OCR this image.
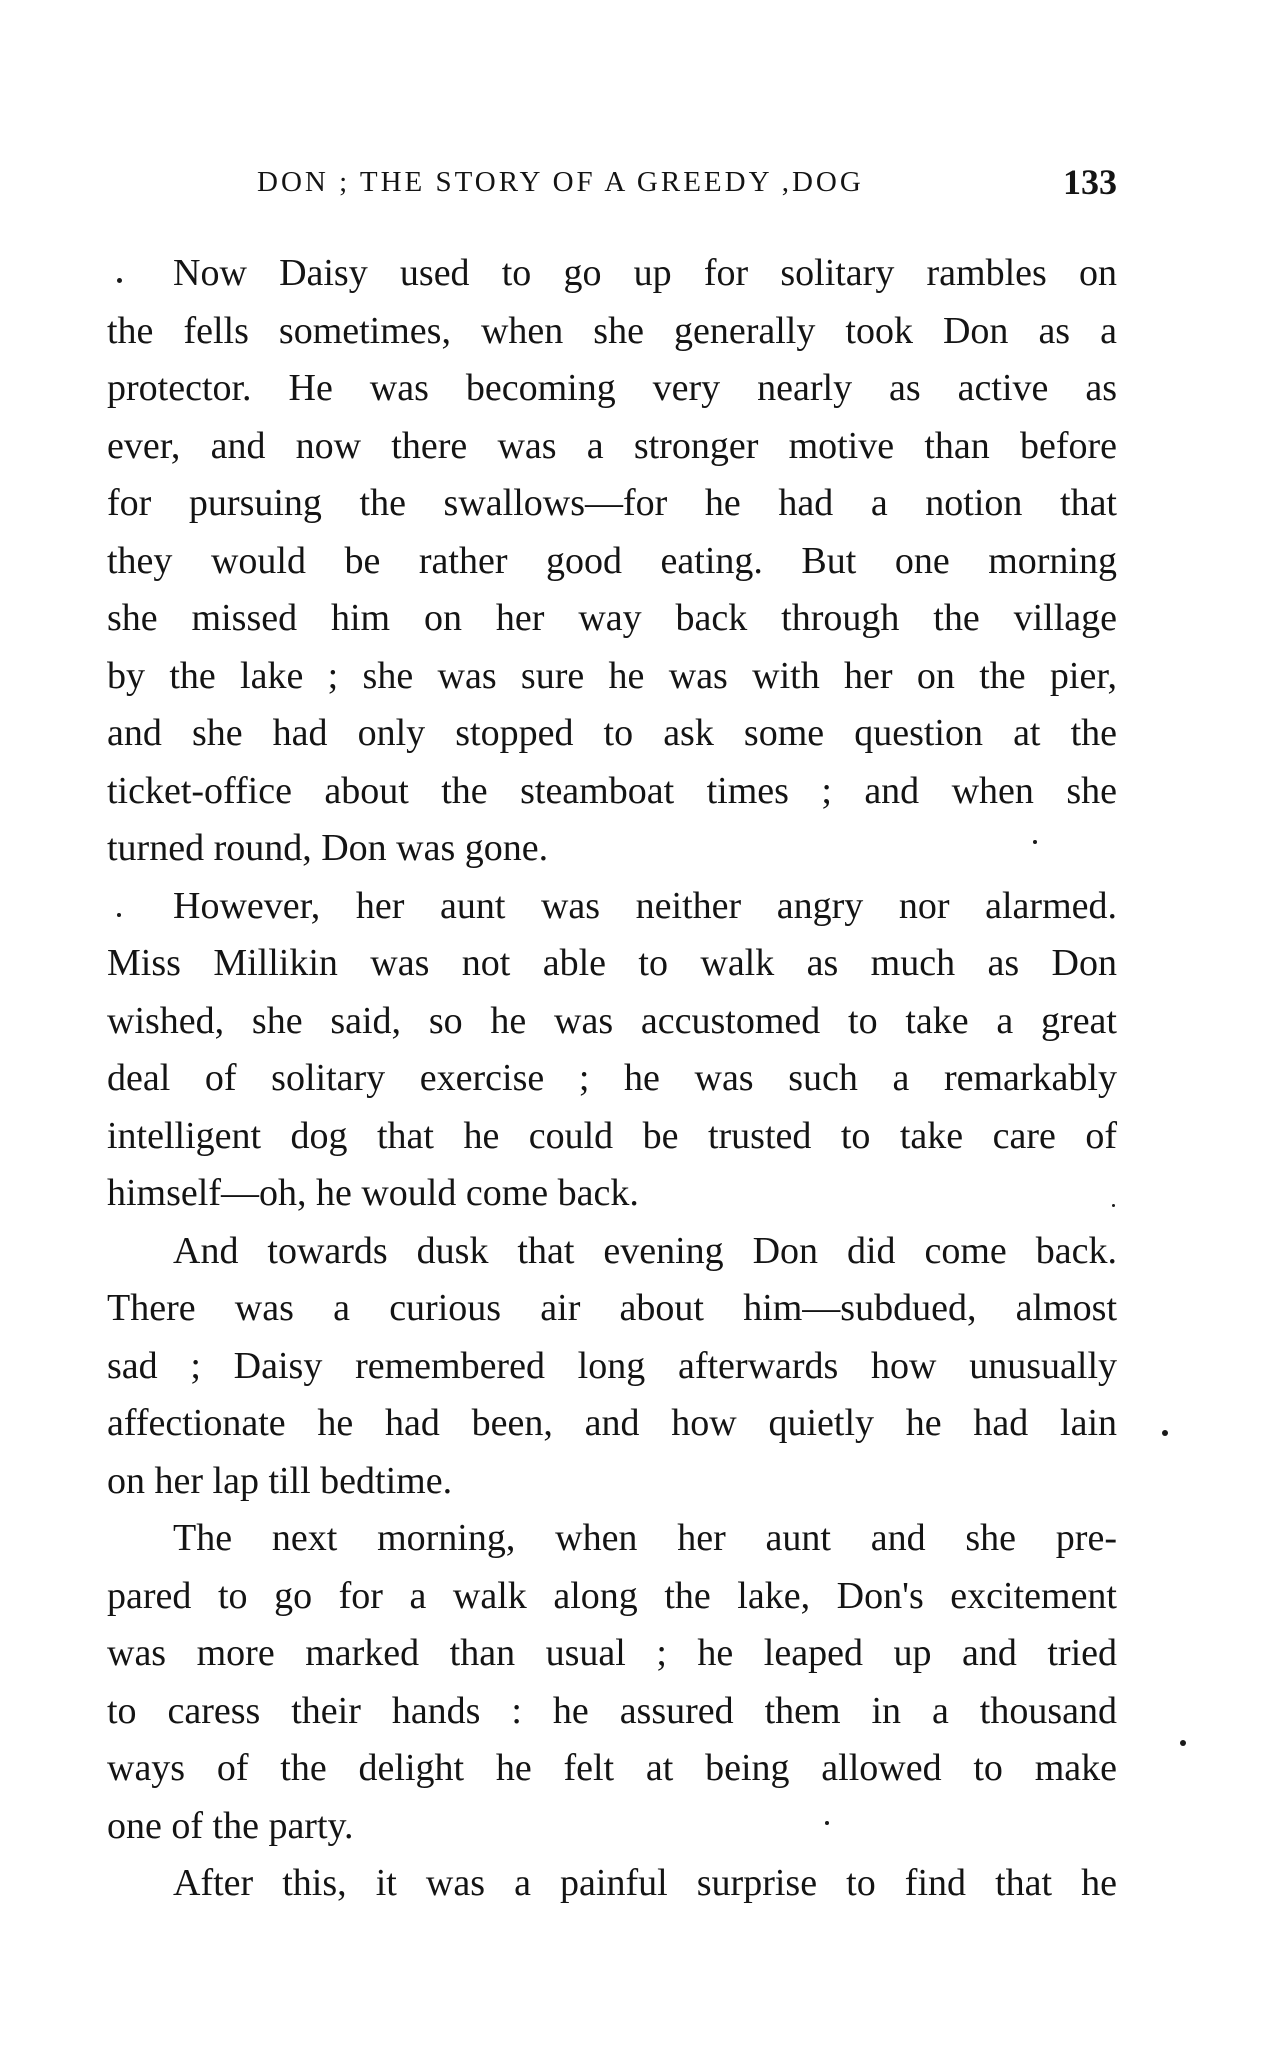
DON ; THE STORY OF A GREEDY ,DOG	133

Now Daisy used to go up for solitary rambles on
the fells sometimes, when she generally took Don as a
protector. He was becoming very nearly as active as
ever, and now there was a stronger motive than before
for pursuing the swallows—for he had a notion that
they would be rather good eating. But one morning
she missed him on her way back through the village
by the lake ; she was sure he was with her on the pier,
and she had only stopped to ask some question at the
ticket-office about the steamboat times ; and when she
turned round, Don was gone.

However, her aunt was neither angry nor alarmed.
Miss Millikin was not able to walk as much as Don
wished, she said, so he was accustomed to take a great
deal of solitary exercise ; he was such a remarkably
intelligent dog that he could be trusted to take care of
himself—oh, he would come back.

And towards dusk that evening Don did come back.
There was a curious air about him—subdued, almost
sad ; Daisy remembered long afterwards how unusually
affectionate he had been, and how quietly he had lain
on her lap till bedtime.

The next morning, when her aunt and she pre-
pared to go for a walk along the lake, Don's excitement
was more marked than usual ; he leaped up and tried
to caress their hands : he assured them in a thousand
ways of the delight he felt at being allowed to make
one of the party.

After this, it was a painful surprise to find that he
